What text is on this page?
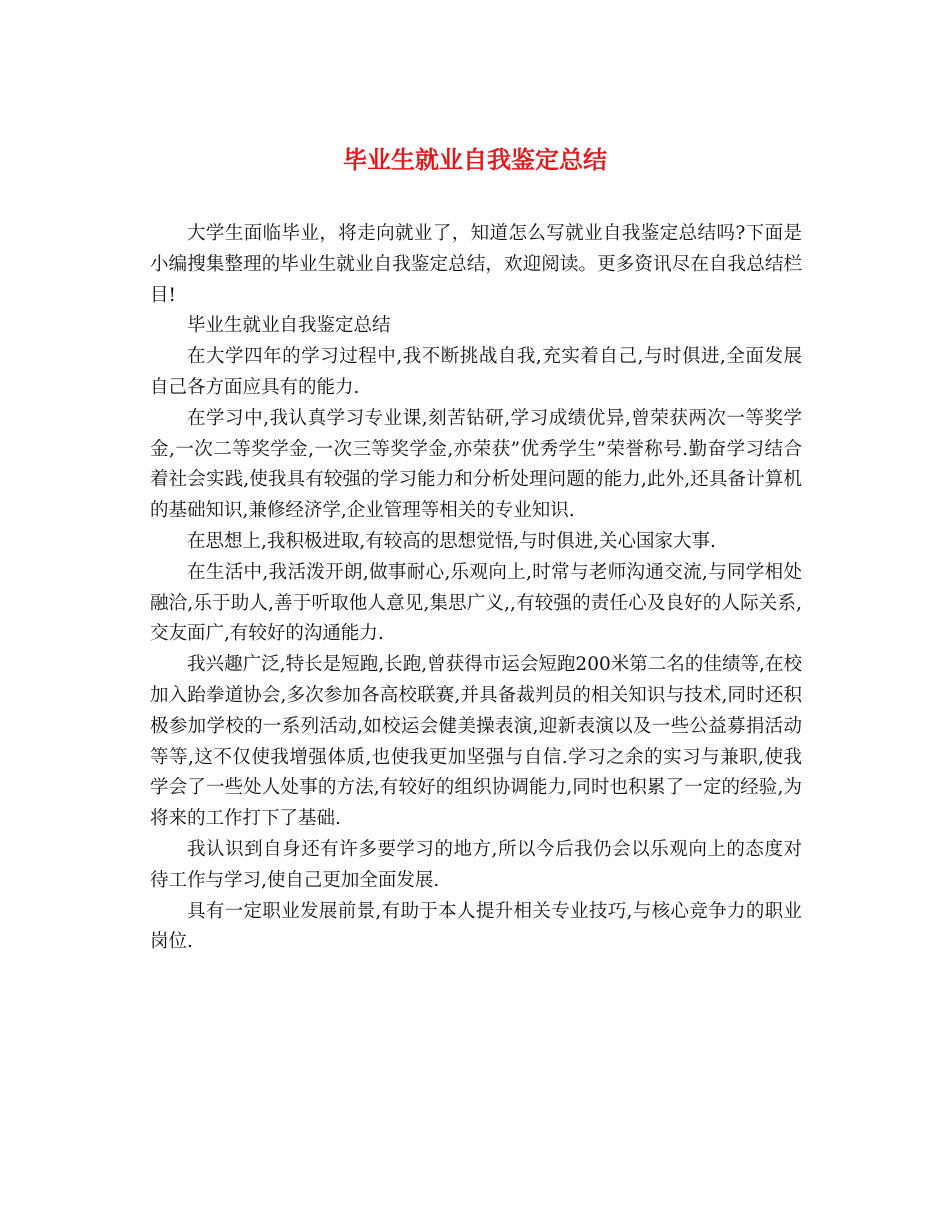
毕业生就业自我鉴定总结

大学生面临毕业，将走向就业了，知道怎么写就业自我鉴定总结吗?下面是小编搜集整理的毕业生就业自我鉴定总结，欢迎阅读。更多资讯尽在自我总结栏目!

毕业生就业自我鉴定总结

在大学四年的学习过程中,我不断挑战自我,充实着自己,与时俱进,全面发展自己各方面应具有的能力.

在学习中,我认真学习专业课,刻苦钻研,学习成绩优异,曾荣获两次一等奖学金,一次二等奖学金,一次三等奖学金,亦荣获”优秀学生”荣誉称号.勤奋学习结合着社会实践,使我具有较强的学习能力和分析处理问题的能力,此外,还具备计算机的基础知识,兼修经济学,企业管理等相关的专业知识.

在思想上,我积极进取,有较高的思想觉悟,与时俱进,关心国家大事.

在生活中,我活泼开朗,做事耐心,乐观向上,时常与老师沟通交流,与同学相处融洽,乐于助人,善于听取他人意见,集思广义,,有较强的责任心及良好的人际关系,交友面广,有较好的沟通能力.

我兴趣广泛,特长是短跑,长跑,曾获得市运会短跑200米第二名的佳绩等,在校加入跆拳道协会,多次参加各高校联赛,并具备裁判员的相关知识与技术,同时还积极参加学校的一系列活动,如校运会健美操表演,迎新表演以及一些公益募捐活动等等,这不仅使我增强体质,也使我更加坚强与自信.学习之余的实习与兼职,使我学会了一些处人处事的方法,有较好的组织协调能力,同时也积累了一定的经验,为将来的工作打下了基础.

我认识到自身还有许多要学习的地方,所以今后我仍会以乐观向上的态度对待工作与学习,使自己更加全面发展.

具有一定职业发展前景,有助于本人提升相关专业技巧,与核心竞争力的职业岗位.
